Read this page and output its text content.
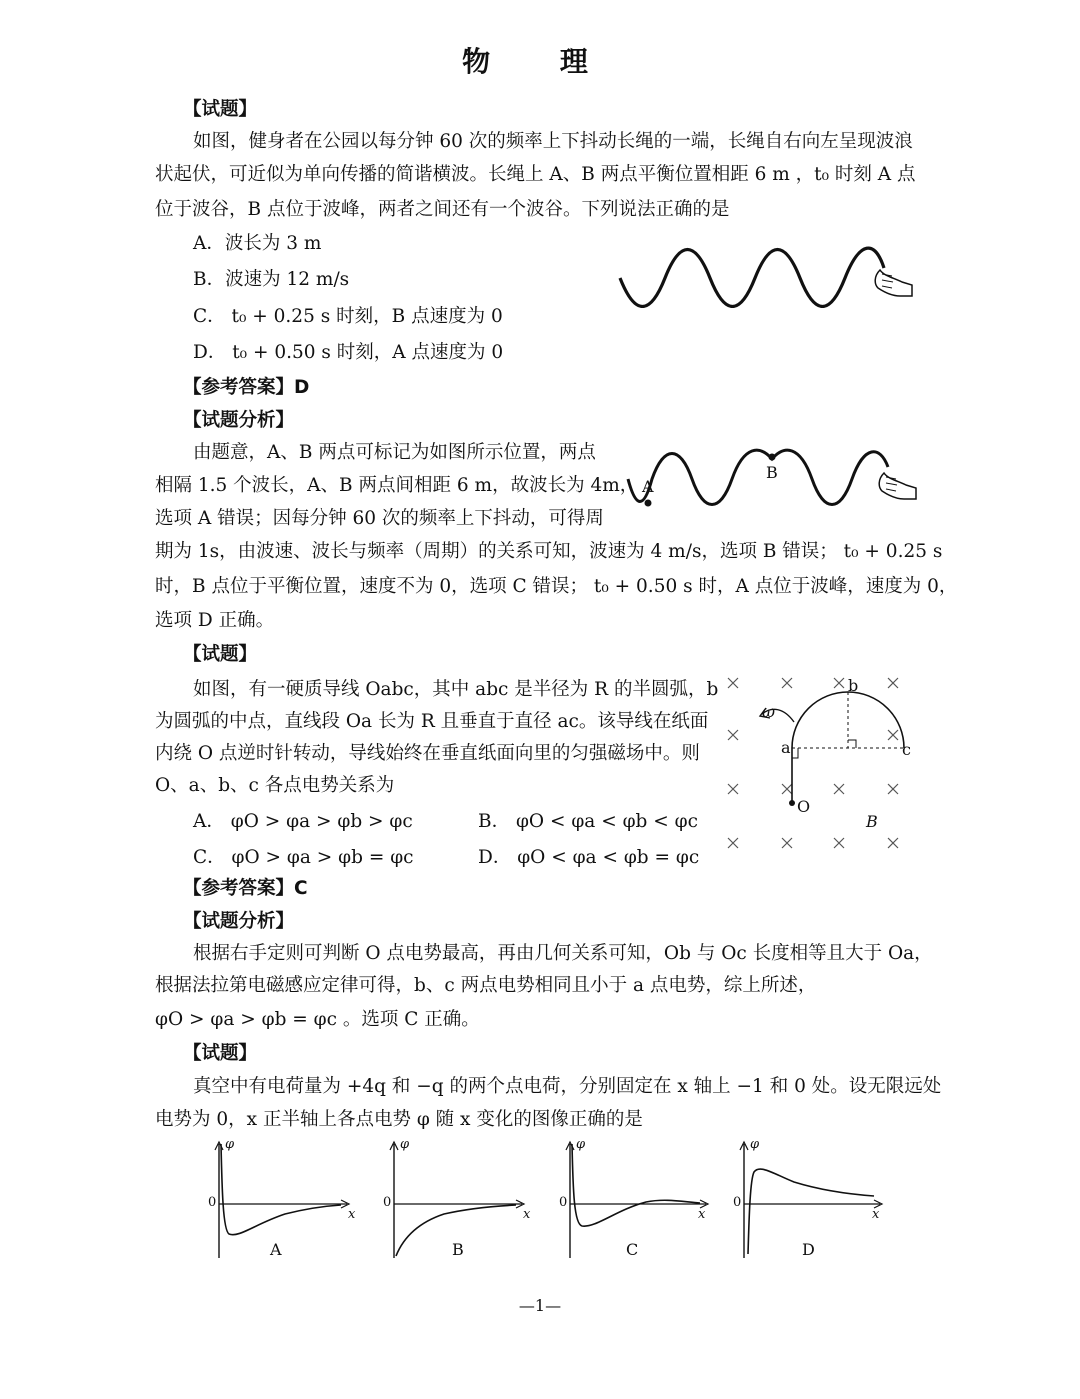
物 理
【试题】
如图，健身者在公园以每分钟 60 次的频率上下抖动长绳的一端，长绳自右向左呈现波浪
状起伏，可近似为单向传播的简谐横波。长绳上 A、B 两点平衡位置相距 6 m ，t₀ 时刻 A 点
位于波谷，B 点位于波峰，两者之间还有一个波谷。下列说法正确的是
A．波长为 3 m
B．波速为 12 m/s
C． t₀ + 0.25 s 时刻，B 点速度为 0
D． t₀ + 0.50 s 时刻，A 点速度为 0
【参考答案】D
【试题分析】
由题意，A、B 两点可标记为如图所示位置，两点
相隔 1.5 个波长，A、B 两点间相距 6 m，故波长为 4m，
选项 A 错误；因每分钟 60 次的频率上下抖动，可得周
期为 1s，由波速、波长与频率（周期）的关系可知，波速为 4 m/s，选项 B 错误； t₀ + 0.25 s
时，B 点位于平衡位置，速度不为 0，选项 C 错误； t₀ + 0.50 s 时，A 点位于波峰，速度为 0，
选项 D 正确。
A
B
【试题】
如图，有一硬质导线 Oabc，其中 abc 是半径为 R 的半圆弧，b
为圆弧的中点，直线段 Oa 长为 R 且垂直于直径 ac。该导线在纸面
内绕 O 点逆时针转动，导线始终在垂直纸面向里的匀强磁场中。则
O、a、b、c 各点电势关系为
A． φO > φa > φb > φc	B． φO < φa < φb < φc
C． φO > φa > φb = φc	D． φO < φa < φb = φc
ω
a
b
c
O
B
【参考答案】C
【试题分析】
根据右手定则可判断 O 点电势最高，再由几何关系可知，Ob 与 Oc 长度相等且大于 Oa，
根据法拉第电磁感应定律可得，b、c 两点电势相同且小于 a 点电势，综上所述，
φO > φa > φb = φc 。选项 C 正确。
【试题】
真空中有电荷量为 +4q 和 −q 的两个点电荷，分别固定在 x 轴上 −1 和 0 处。设无限远处
电势为 0，x 正半轴上各点电势 φ 随 x 变化的图像正确的是
φ
0
x
A
φ
0
x
B
φ
0
x
C
φ
0
x
D
—1—
